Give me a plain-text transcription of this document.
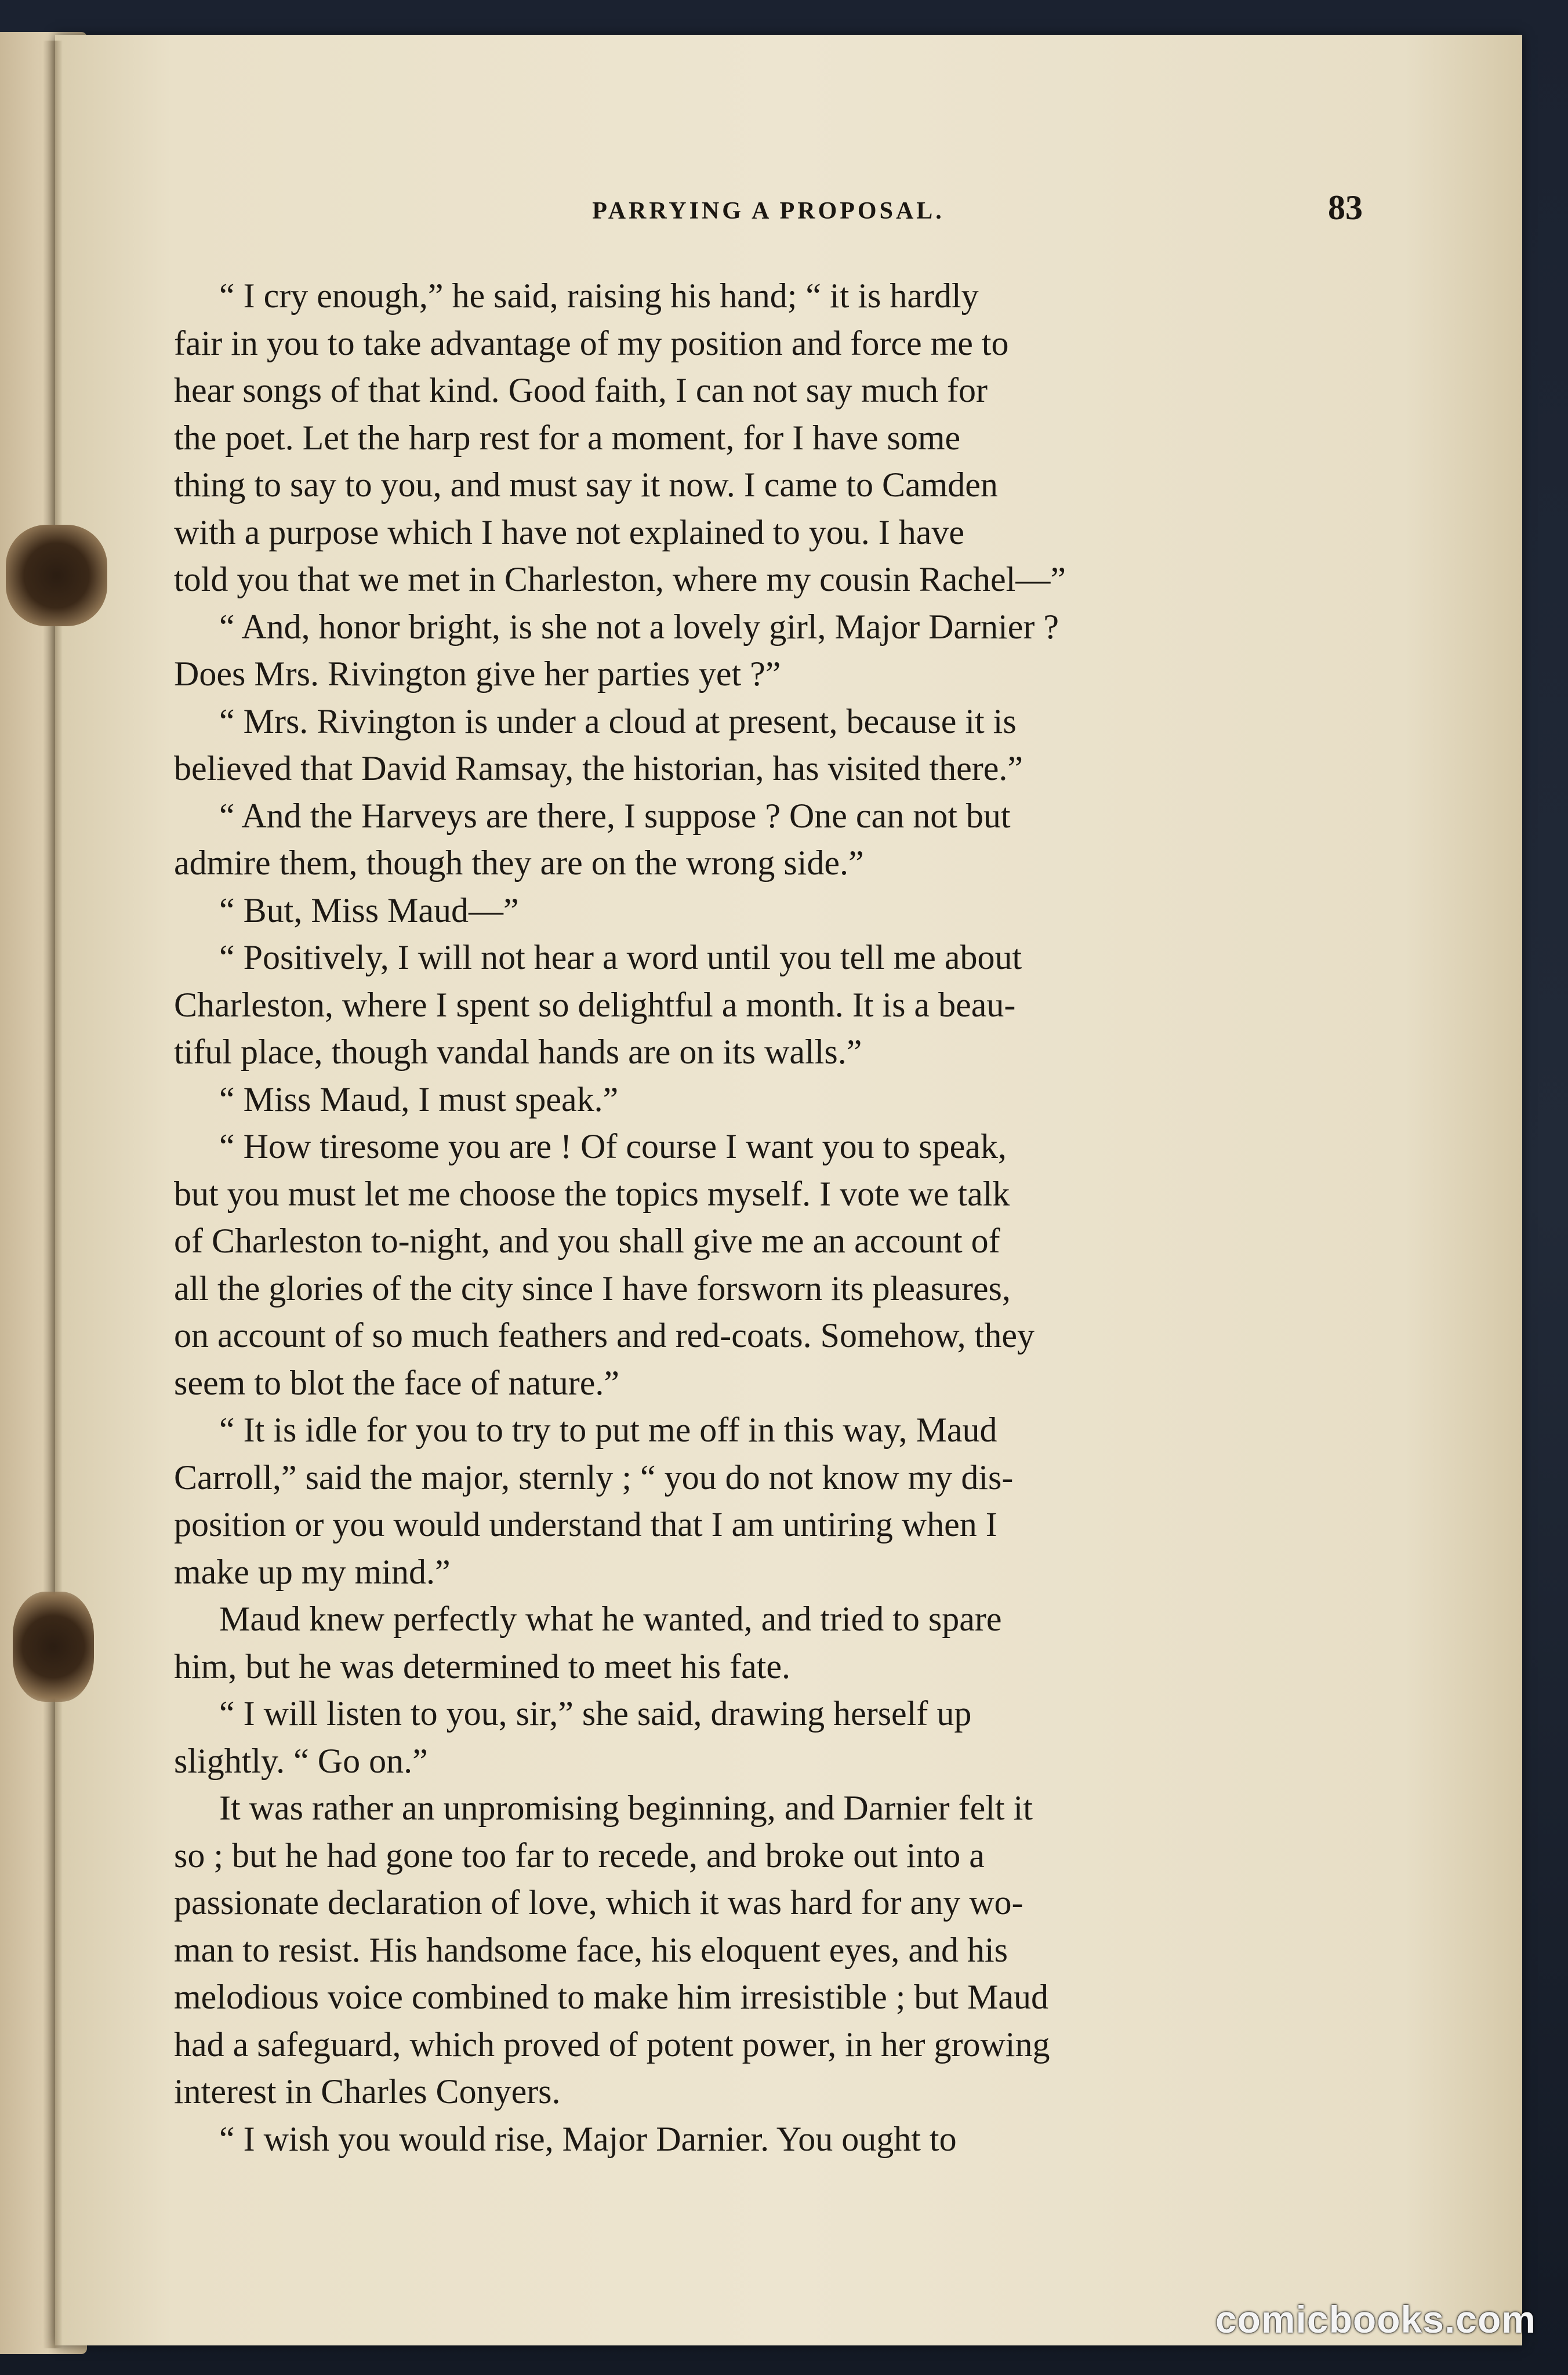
PARRYING A PROPOSAL.	83

“ I cry enough,” he said, raising his hand; “ it is hardly
fair in you to take advantage of my position and force me to
hear songs of that kind. Good faith, I can not say much for
the poet. Let the harp rest for a moment, for I have some
thing to say to you, and must say it now. I came to Camden
with a purpose which I have not explained to you. I have
told you that we met in Charleston, where my cousin Rachel—”

“ And, honor bright, is she not a lovely girl, Major Darnier ?
Does Mrs. Rivington give her parties yet ?”

“ Mrs. Rivington is under a cloud at present, because it is
believed that David Ramsay, the historian, has visited there.”

“ And the Harveys are there, I suppose ? One can not but
admire them, though they are on the wrong side.”

“ But, Miss Maud—”

“ Positively, I will not hear a word until you tell me about
Charleston, where I spent so delightful a month. It is a beau-
tiful place, though vandal hands are on its walls.”

“ Miss Maud, I must speak.”

“ How tiresome you are ! Of course I want you to speak,
but you must let me choose the topics myself. I vote we talk
of Charleston to-night, and you shall give me an account of
all the glories of the city since I have forsworn its pleasures,
on account of so much feathers and red-coats. Somehow, they
seem to blot the face of nature.”

“ It is idle for you to try to put me off in this way, Maud
Carroll,” said the major, sternly ; “ you do not know my dis-
position or you would understand that I am untiring when I
make up my mind.”

Maud knew perfectly what he wanted, and tried to spare
him, but he was determined to meet his fate.

“ I will listen to you, sir,” she said, drawing herself up
slightly. “ Go on.”

It was rather an unpromising beginning, and Darnier felt it
so ; but he had gone too far to recede, and broke out into a
passionate declaration of love, which it was hard for any wo-
man to resist. His handsome face, his eloquent eyes, and his
melodious voice combined to make him irresistible ; but Maud
had a safeguard, which proved of potent power, in her growing
interest in Charles Conyers.

“ I wish you would rise, Major Darnier. You ought to

comicbooks.com
